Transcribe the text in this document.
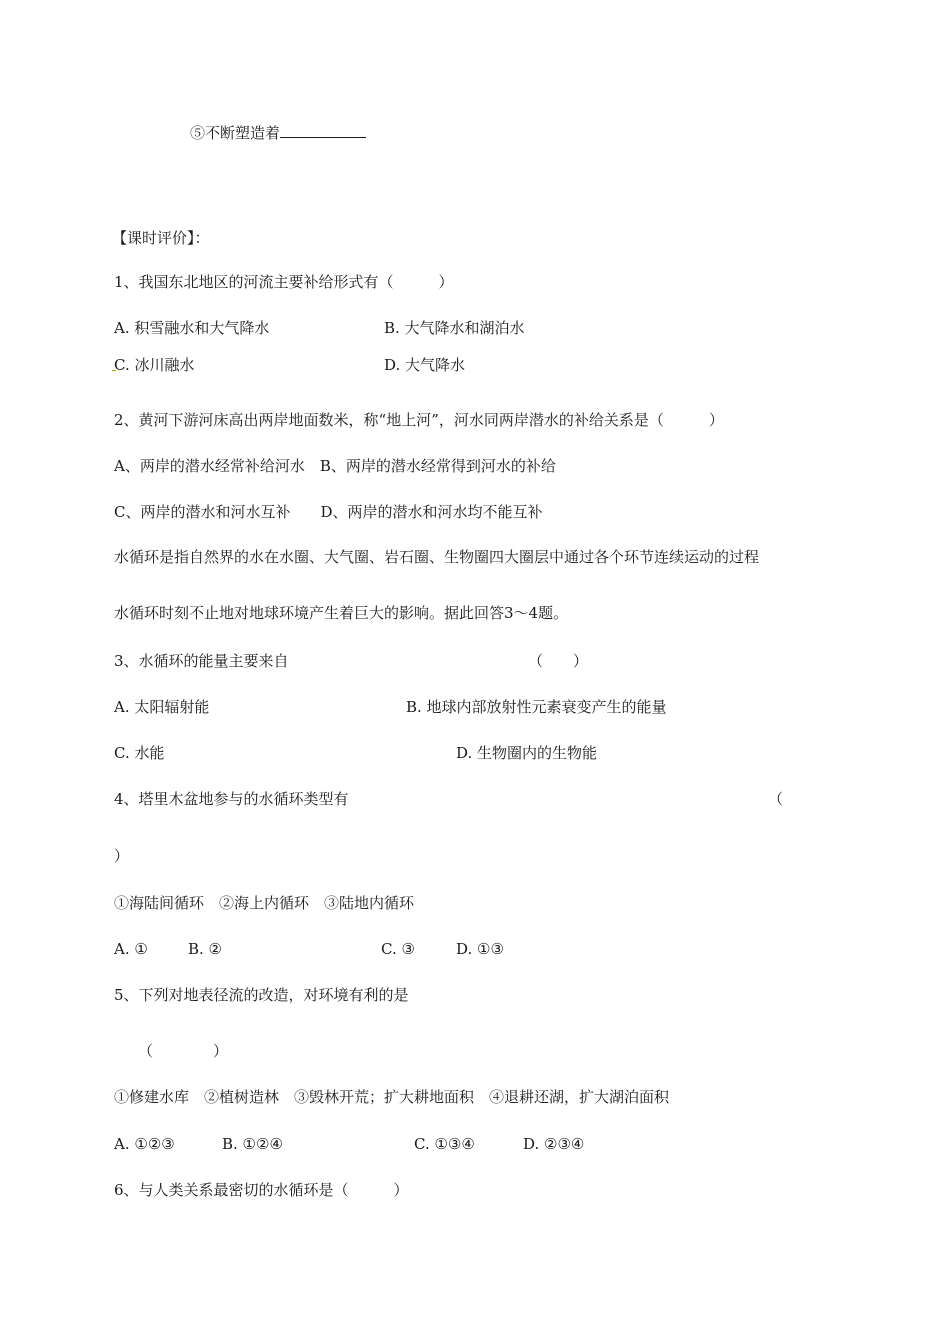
⑤不断塑造着
【课时评价】：
1、我国东北地区的河流主要补给形式有（　　　）
A. 积雪融水和大气降水	B. 大气降水和湖泊水
C. 冰川融水	D. 大气降水
2、黄河下游河床高出两岸地面数米，称“地上河”，河水同两岸潜水的补给关系是（　　　）
A、两岸的潜水经常补给河水　B、两岸的潜水经常得到河水的补给
C、两岸的潜水和河水互补　　D、两岸的潜水和河水均不能互补
水循环是指自然界的水在水圈、大气圈、岩石圈、生物圈四大圈层中通过各个环节连续运动的过程
水循环时刻不止地对地球环境产生着巨大的影响。据此回答3～4题。
3、水循环的能量主要来自	（　　）
A. 太阳辐射能	B. 地球内部放射性元素衰变产生的能量
C. 水能	D. 生物圈内的生物能
4、塔里木盆地参与的水循环类型有	（
）
①海陆间循环　②海上内循环　③陆地内循环
A. ①	B. ②	C. ③	D. ①③
5、下列对地表径流的改造，对环境有利的是
（　　　　）
①修建水库　②植树造林　③毁林开荒；扩大耕地面积　④退耕还湖，扩大湖泊面积
A. ①②③	B. ①②④	C. ①③④	D. ②③④
6、与人类关系最密切的水循环是（　　　）
